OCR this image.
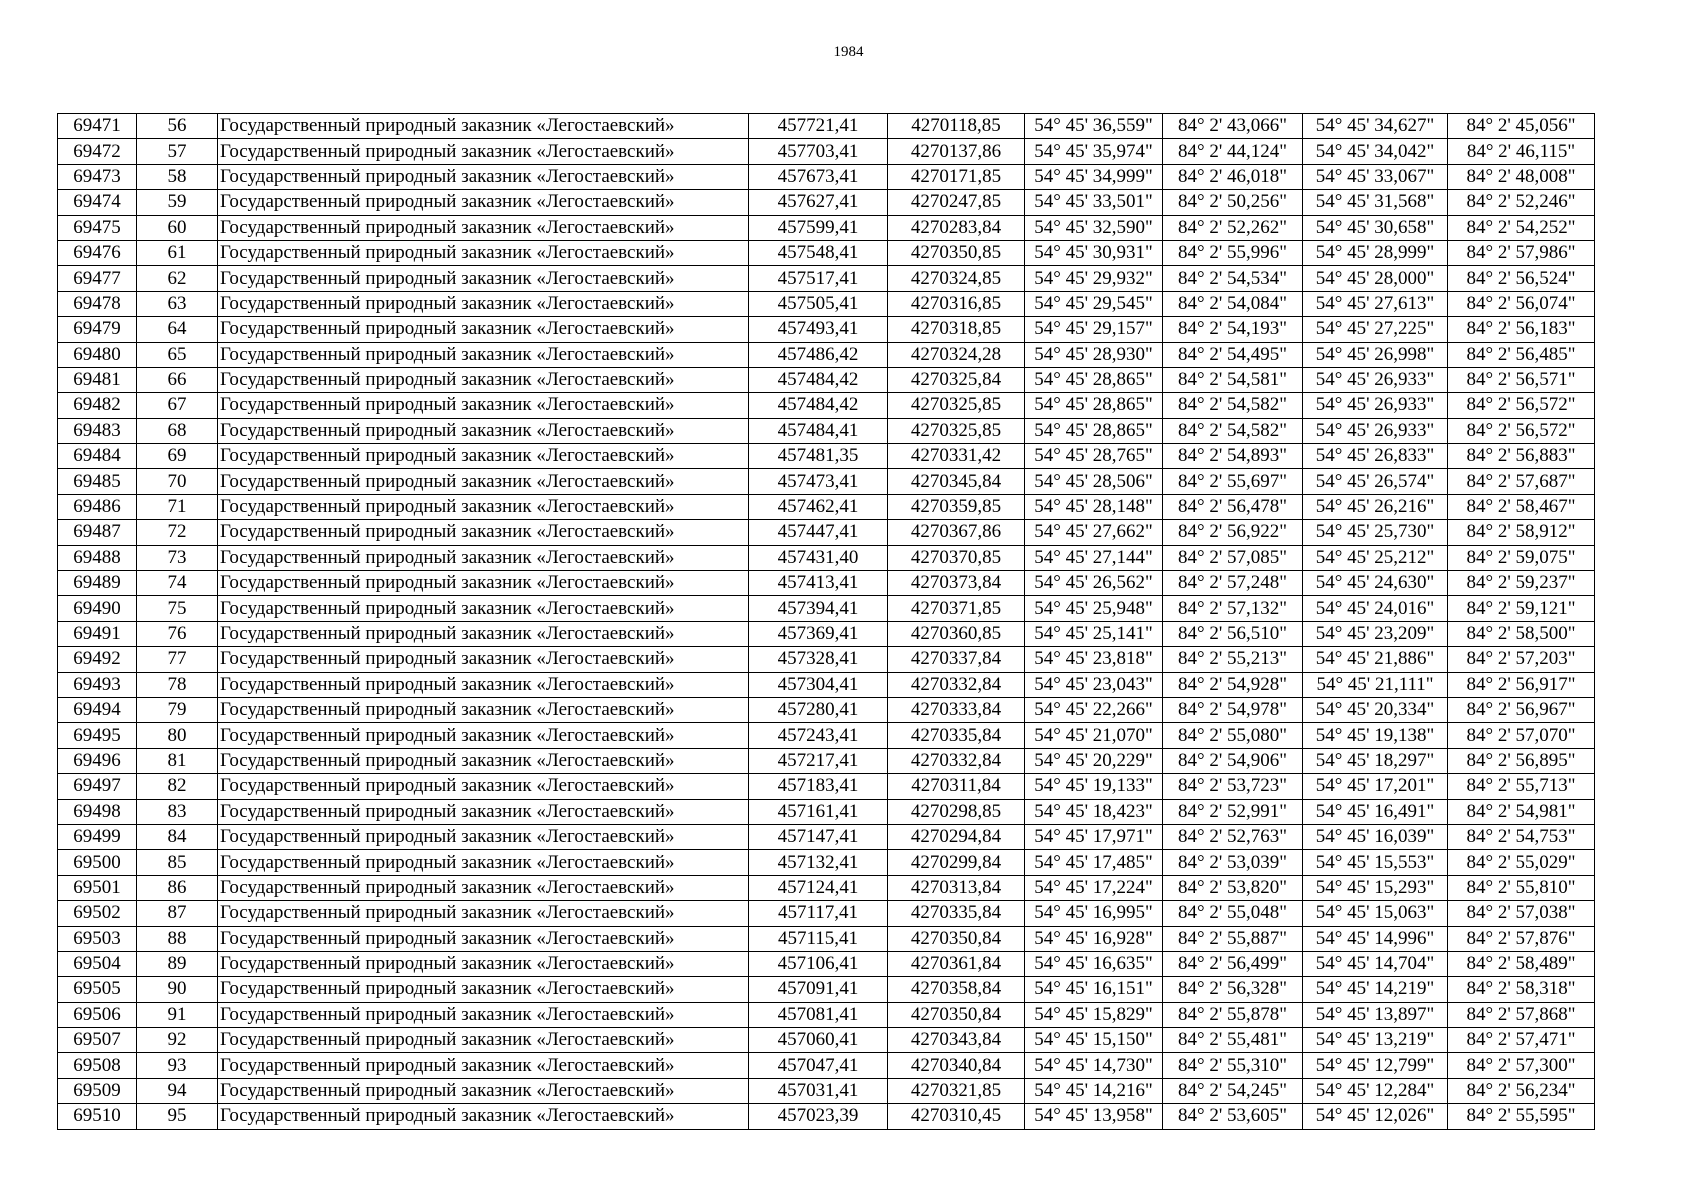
1984
69471	56	Государственный природный заказник «Легостаевский»	457721,41	4270118,85	54° 45' 36,559"	84° 2' 43,066"	54° 45' 34,627"	84° 2' 45,056"
69472	57	Государственный природный заказник «Легостаевский»	457703,41	4270137,86	54° 45' 35,974"	84° 2' 44,124"	54° 45' 34,042"	84° 2' 46,115"
69473	58	Государственный природный заказник «Легостаевский»	457673,41	4270171,85	54° 45' 34,999"	84° 2' 46,018"	54° 45' 33,067"	84° 2' 48,008"
69474	59	Государственный природный заказник «Легостаевский»	457627,41	4270247,85	54° 45' 33,501"	84° 2' 50,256"	54° 45' 31,568"	84° 2' 52,246"
69475	60	Государственный природный заказник «Легостаевский»	457599,41	4270283,84	54° 45' 32,590"	84° 2' 52,262"	54° 45' 30,658"	84° 2' 54,252"
69476	61	Государственный природный заказник «Легостаевский»	457548,41	4270350,85	54° 45' 30,931"	84° 2' 55,996"	54° 45' 28,999"	84° 2' 57,986"
69477	62	Государственный природный заказник «Легостаевский»	457517,41	4270324,85	54° 45' 29,932"	84° 2' 54,534"	54° 45' 28,000"	84° 2' 56,524"
69478	63	Государственный природный заказник «Легостаевский»	457505,41	4270316,85	54° 45' 29,545"	84° 2' 54,084"	54° 45' 27,613"	84° 2' 56,074"
69479	64	Государственный природный заказник «Легостаевский»	457493,41	4270318,85	54° 45' 29,157"	84° 2' 54,193"	54° 45' 27,225"	84° 2' 56,183"
69480	65	Государственный природный заказник «Легостаевский»	457486,42	4270324,28	54° 45' 28,930"	84° 2' 54,495"	54° 45' 26,998"	84° 2' 56,485"
69481	66	Государственный природный заказник «Легостаевский»	457484,42	4270325,84	54° 45' 28,865"	84° 2' 54,581"	54° 45' 26,933"	84° 2' 56,571"
69482	67	Государственный природный заказник «Легостаевский»	457484,42	4270325,85	54° 45' 28,865"	84° 2' 54,582"	54° 45' 26,933"	84° 2' 56,572"
69483	68	Государственный природный заказник «Легостаевский»	457484,41	4270325,85	54° 45' 28,865"	84° 2' 54,582"	54° 45' 26,933"	84° 2' 56,572"
69484	69	Государственный природный заказник «Легостаевский»	457481,35	4270331,42	54° 45' 28,765"	84° 2' 54,893"	54° 45' 26,833"	84° 2' 56,883"
69485	70	Государственный природный заказник «Легостаевский»	457473,41	4270345,84	54° 45' 28,506"	84° 2' 55,697"	54° 45' 26,574"	84° 2' 57,687"
69486	71	Государственный природный заказник «Легостаевский»	457462,41	4270359,85	54° 45' 28,148"	84° 2' 56,478"	54° 45' 26,216"	84° 2' 58,467"
69487	72	Государственный природный заказник «Легостаевский»	457447,41	4270367,86	54° 45' 27,662"	84° 2' 56,922"	54° 45' 25,730"	84° 2' 58,912"
69488	73	Государственный природный заказник «Легостаевский»	457431,40	4270370,85	54° 45' 27,144"	84° 2' 57,085"	54° 45' 25,212"	84° 2' 59,075"
69489	74	Государственный природный заказник «Легостаевский»	457413,41	4270373,84	54° 45' 26,562"	84° 2' 57,248"	54° 45' 24,630"	84° 2' 59,237"
69490	75	Государственный природный заказник «Легостаевский»	457394,41	4270371,85	54° 45' 25,948"	84° 2' 57,132"	54° 45' 24,016"	84° 2' 59,121"
69491	76	Государственный природный заказник «Легостаевский»	457369,41	4270360,85	54° 45' 25,141"	84° 2' 56,510"	54° 45' 23,209"	84° 2' 58,500"
69492	77	Государственный природный заказник «Легостаевский»	457328,41	4270337,84	54° 45' 23,818"	84° 2' 55,213"	54° 45' 21,886"	84° 2' 57,203"
69493	78	Государственный природный заказник «Легостаевский»	457304,41	4270332,84	54° 45' 23,043"	84° 2' 54,928"	54° 45' 21,111"	84° 2' 56,917"
69494	79	Государственный природный заказник «Легостаевский»	457280,41	4270333,84	54° 45' 22,266"	84° 2' 54,978"	54° 45' 20,334"	84° 2' 56,967"
69495	80	Государственный природный заказник «Легостаевский»	457243,41	4270335,84	54° 45' 21,070"	84° 2' 55,080"	54° 45' 19,138"	84° 2' 57,070"
69496	81	Государственный природный заказник «Легостаевский»	457217,41	4270332,84	54° 45' 20,229"	84° 2' 54,906"	54° 45' 18,297"	84° 2' 56,895"
69497	82	Государственный природный заказник «Легостаевский»	457183,41	4270311,84	54° 45' 19,133"	84° 2' 53,723"	54° 45' 17,201"	84° 2' 55,713"
69498	83	Государственный природный заказник «Легостаевский»	457161,41	4270298,85	54° 45' 18,423"	84° 2' 52,991"	54° 45' 16,491"	84° 2' 54,981"
69499	84	Государственный природный заказник «Легостаевский»	457147,41	4270294,84	54° 45' 17,971"	84° 2' 52,763"	54° 45' 16,039"	84° 2' 54,753"
69500	85	Государственный природный заказник «Легостаевский»	457132,41	4270299,84	54° 45' 17,485"	84° 2' 53,039"	54° 45' 15,553"	84° 2' 55,029"
69501	86	Государственный природный заказник «Легостаевский»	457124,41	4270313,84	54° 45' 17,224"	84° 2' 53,820"	54° 45' 15,293"	84° 2' 55,810"
69502	87	Государственный природный заказник «Легостаевский»	457117,41	4270335,84	54° 45' 16,995"	84° 2' 55,048"	54° 45' 15,063"	84° 2' 57,038"
69503	88	Государственный природный заказник «Легостаевский»	457115,41	4270350,84	54° 45' 16,928"	84° 2' 55,887"	54° 45' 14,996"	84° 2' 57,876"
69504	89	Государственный природный заказник «Легостаевский»	457106,41	4270361,84	54° 45' 16,635"	84° 2' 56,499"	54° 45' 14,704"	84° 2' 58,489"
69505	90	Государственный природный заказник «Легостаевский»	457091,41	4270358,84	54° 45' 16,151"	84° 2' 56,328"	54° 45' 14,219"	84° 2' 58,318"
69506	91	Государственный природный заказник «Легостаевский»	457081,41	4270350,84	54° 45' 15,829"	84° 2' 55,878"	54° 45' 13,897"	84° 2' 57,868"
69507	92	Государственный природный заказник «Легостаевский»	457060,41	4270343,84	54° 45' 15,150"	84° 2' 55,481"	54° 45' 13,219"	84° 2' 57,471"
69508	93	Государственный природный заказник «Легостаевский»	457047,41	4270340,84	54° 45' 14,730"	84° 2' 55,310"	54° 45' 12,799"	84° 2' 57,300"
69509	94	Государственный природный заказник «Легостаевский»	457031,41	4270321,85	54° 45' 14,216"	84° 2' 54,245"	54° 45' 12,284"	84° 2' 56,234"
69510	95	Государственный природный заказник «Легостаевский»	457023,39	4270310,45	54° 45' 13,958"	84° 2' 53,605"	54° 45' 12,026"	84° 2' 55,595"
